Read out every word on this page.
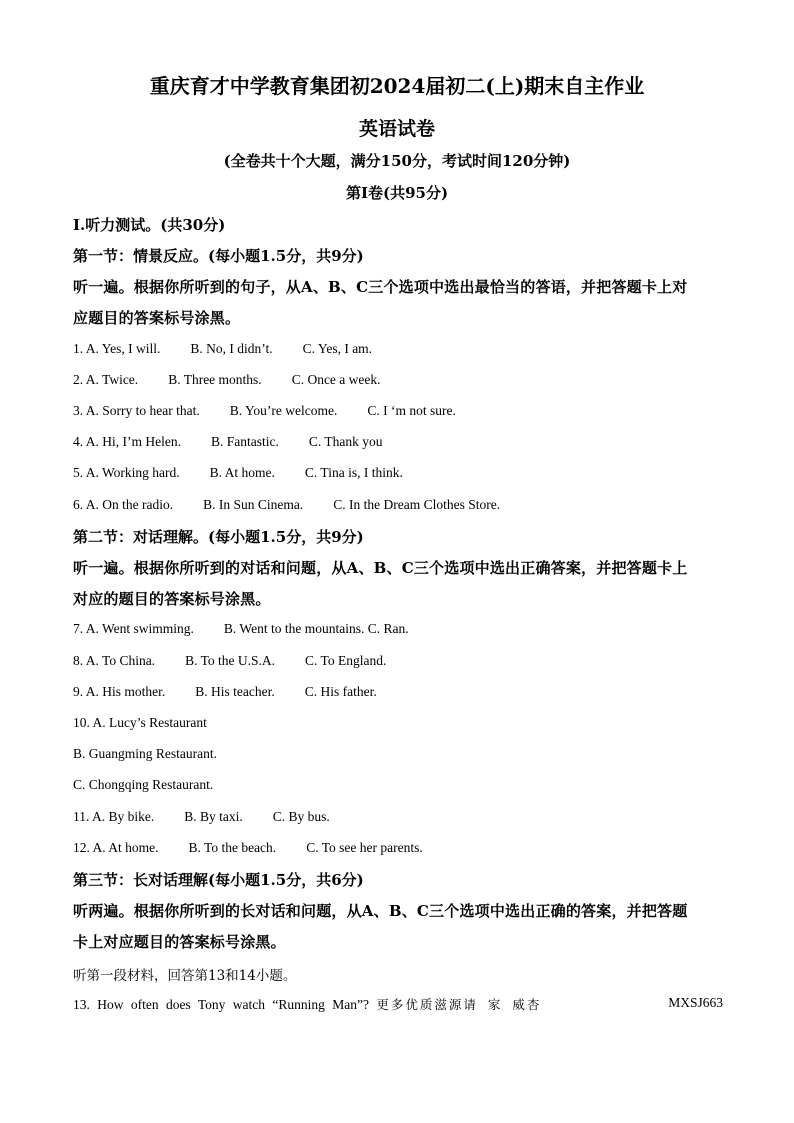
重庆育才中学教育集团初2024届初二(上)期末自主作业
英语试卷
(全卷共十个大题，满分150分，考试时间120分钟)
第I卷(共95分)
I.听力测试。(共30分)
第一节：情景反应。(每小题1.5分，共9分)
听一遍。根据你所听到的句子，从A、B、C三个选项中选出最恰当的答语，并把答题卡上对
应题目的答案标号涂黑。
1. A. Yes, I will. B. No, I didn’t. C. Yes, I am.
2. A. Twice. B. Three months. C. Once a week.
3. A. Sorry to hear that. B. You’re welcome. C. I ‘m not sure.
4. A. Hi, I’m Helen. B. Fantastic. C. Thank you
5. A. Working hard. B. At home. C. Tina is, I think.
6. A. On the radio. B. In Sun Cinema. C. In the Dream Clothes Store.
第二节：对话理解。(每小题1.5分，共9分)
听一遍。根据你所听到的对话和问题，从A、B、C三个选项中选出正确答案，并把答题卡上
对应的题目的答案标号涂黑。
7. A. Went swimming. B. Went to the mountains. C. Ran.
8. A. To China. B. To the U.S.A. C. To England.
9. A. His mother. B. His teacher. C. His father.
10. A. Lucy’s Restaurant
B. Guangming Restaurant.
C. Chongqing Restaurant.
11. A. By bike. B. By taxi. C. By bus.
12. A. At home. B. To the beach. C. To see her parents.
第三节：长对话理解(每小题1.5分，共6分)
听两遍。根据你所听到的长对话和问题，从A、B、C三个选项中选出正确的答案，并把答题
卡上对应题目的答案标号涂黑。
听第一段材料，回答第13和14小题。
13. How often does Tony watch “Running Man”? 更多优质滋源请 家 威杏	MXSJ663
